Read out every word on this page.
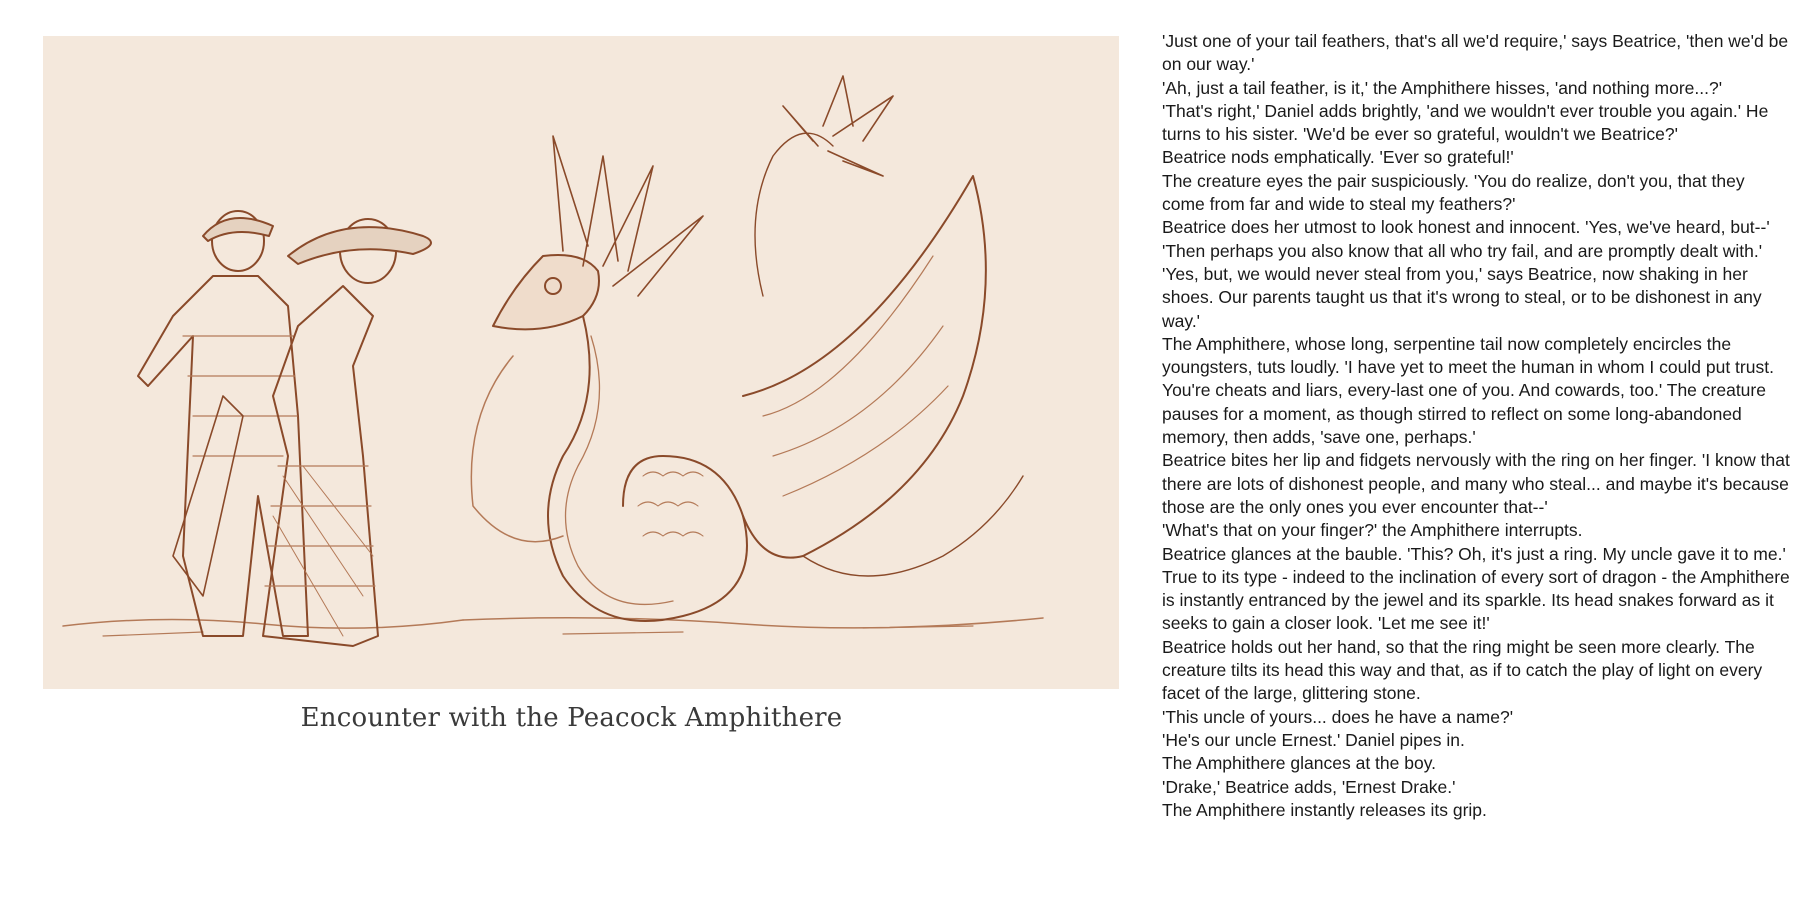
Encounter with the Peacock Amphithere

'Just one of your tail feathers, that's all we'd require,' says Beatrice, 'then we'd be on our way.'

'Ah, just a tail feather, is it,' the Amphithere hisses, 'and nothing more...?'

'That's right,' Daniel adds brightly, 'and we wouldn't ever trouble you again.' He turns to his sister. 'We'd be ever so grateful, wouldn't we Beatrice?'

Beatrice nods emphatically. 'Ever so grateful!'

The creature eyes the pair suspiciously. 'You do realize, don't you, that they come from far and wide to steal my feathers?'

Beatrice does her utmost to look honest and innocent. 'Yes, we've heard, but--'

'Then perhaps you also know that all who try fail, and are promptly dealt with.'

'Yes, but, we would never steal from you,' says Beatrice, now shaking in her shoes. Our parents taught us that it's wrong to steal, or to be dishonest in any way.'

The Amphithere, whose long, serpentine tail now completely encircles the youngsters, tuts loudly. 'I have yet to meet the human in whom I could put trust. You're cheats and liars, every-last one of you. And cowards, too.' The creature pauses for a moment, as though stirred to reflect on some long-abandoned memory, then adds, 'save one, perhaps.'

Beatrice bites her lip and fidgets nervously with the ring on her finger. 'I know that there are lots of dishonest people, and many who steal... and maybe it's because those are the only ones you ever encounter that--'

'What's that on your finger?' the Amphithere interrupts.

Beatrice glances at the bauble. 'This? Oh, it's just a ring. My uncle gave it to me.'

True to its type - indeed to the inclination of every sort of dragon - the Amphithere is instantly entranced by the jewel and its sparkle. Its head snakes forward as it seeks to gain a closer look. 'Let me see it!'

Beatrice holds out her hand, so that the ring might be seen more clearly. The creature tilts its head this way and that, as if to catch the play of light on every facet of the large, glittering stone.

'This uncle of yours... does he have a name?'

'He's our uncle Ernest.' Daniel pipes in.

The Amphithere glances at the boy.

'Drake,' Beatrice adds, 'Ernest Drake.'

The Amphithere instantly releases its grip.
